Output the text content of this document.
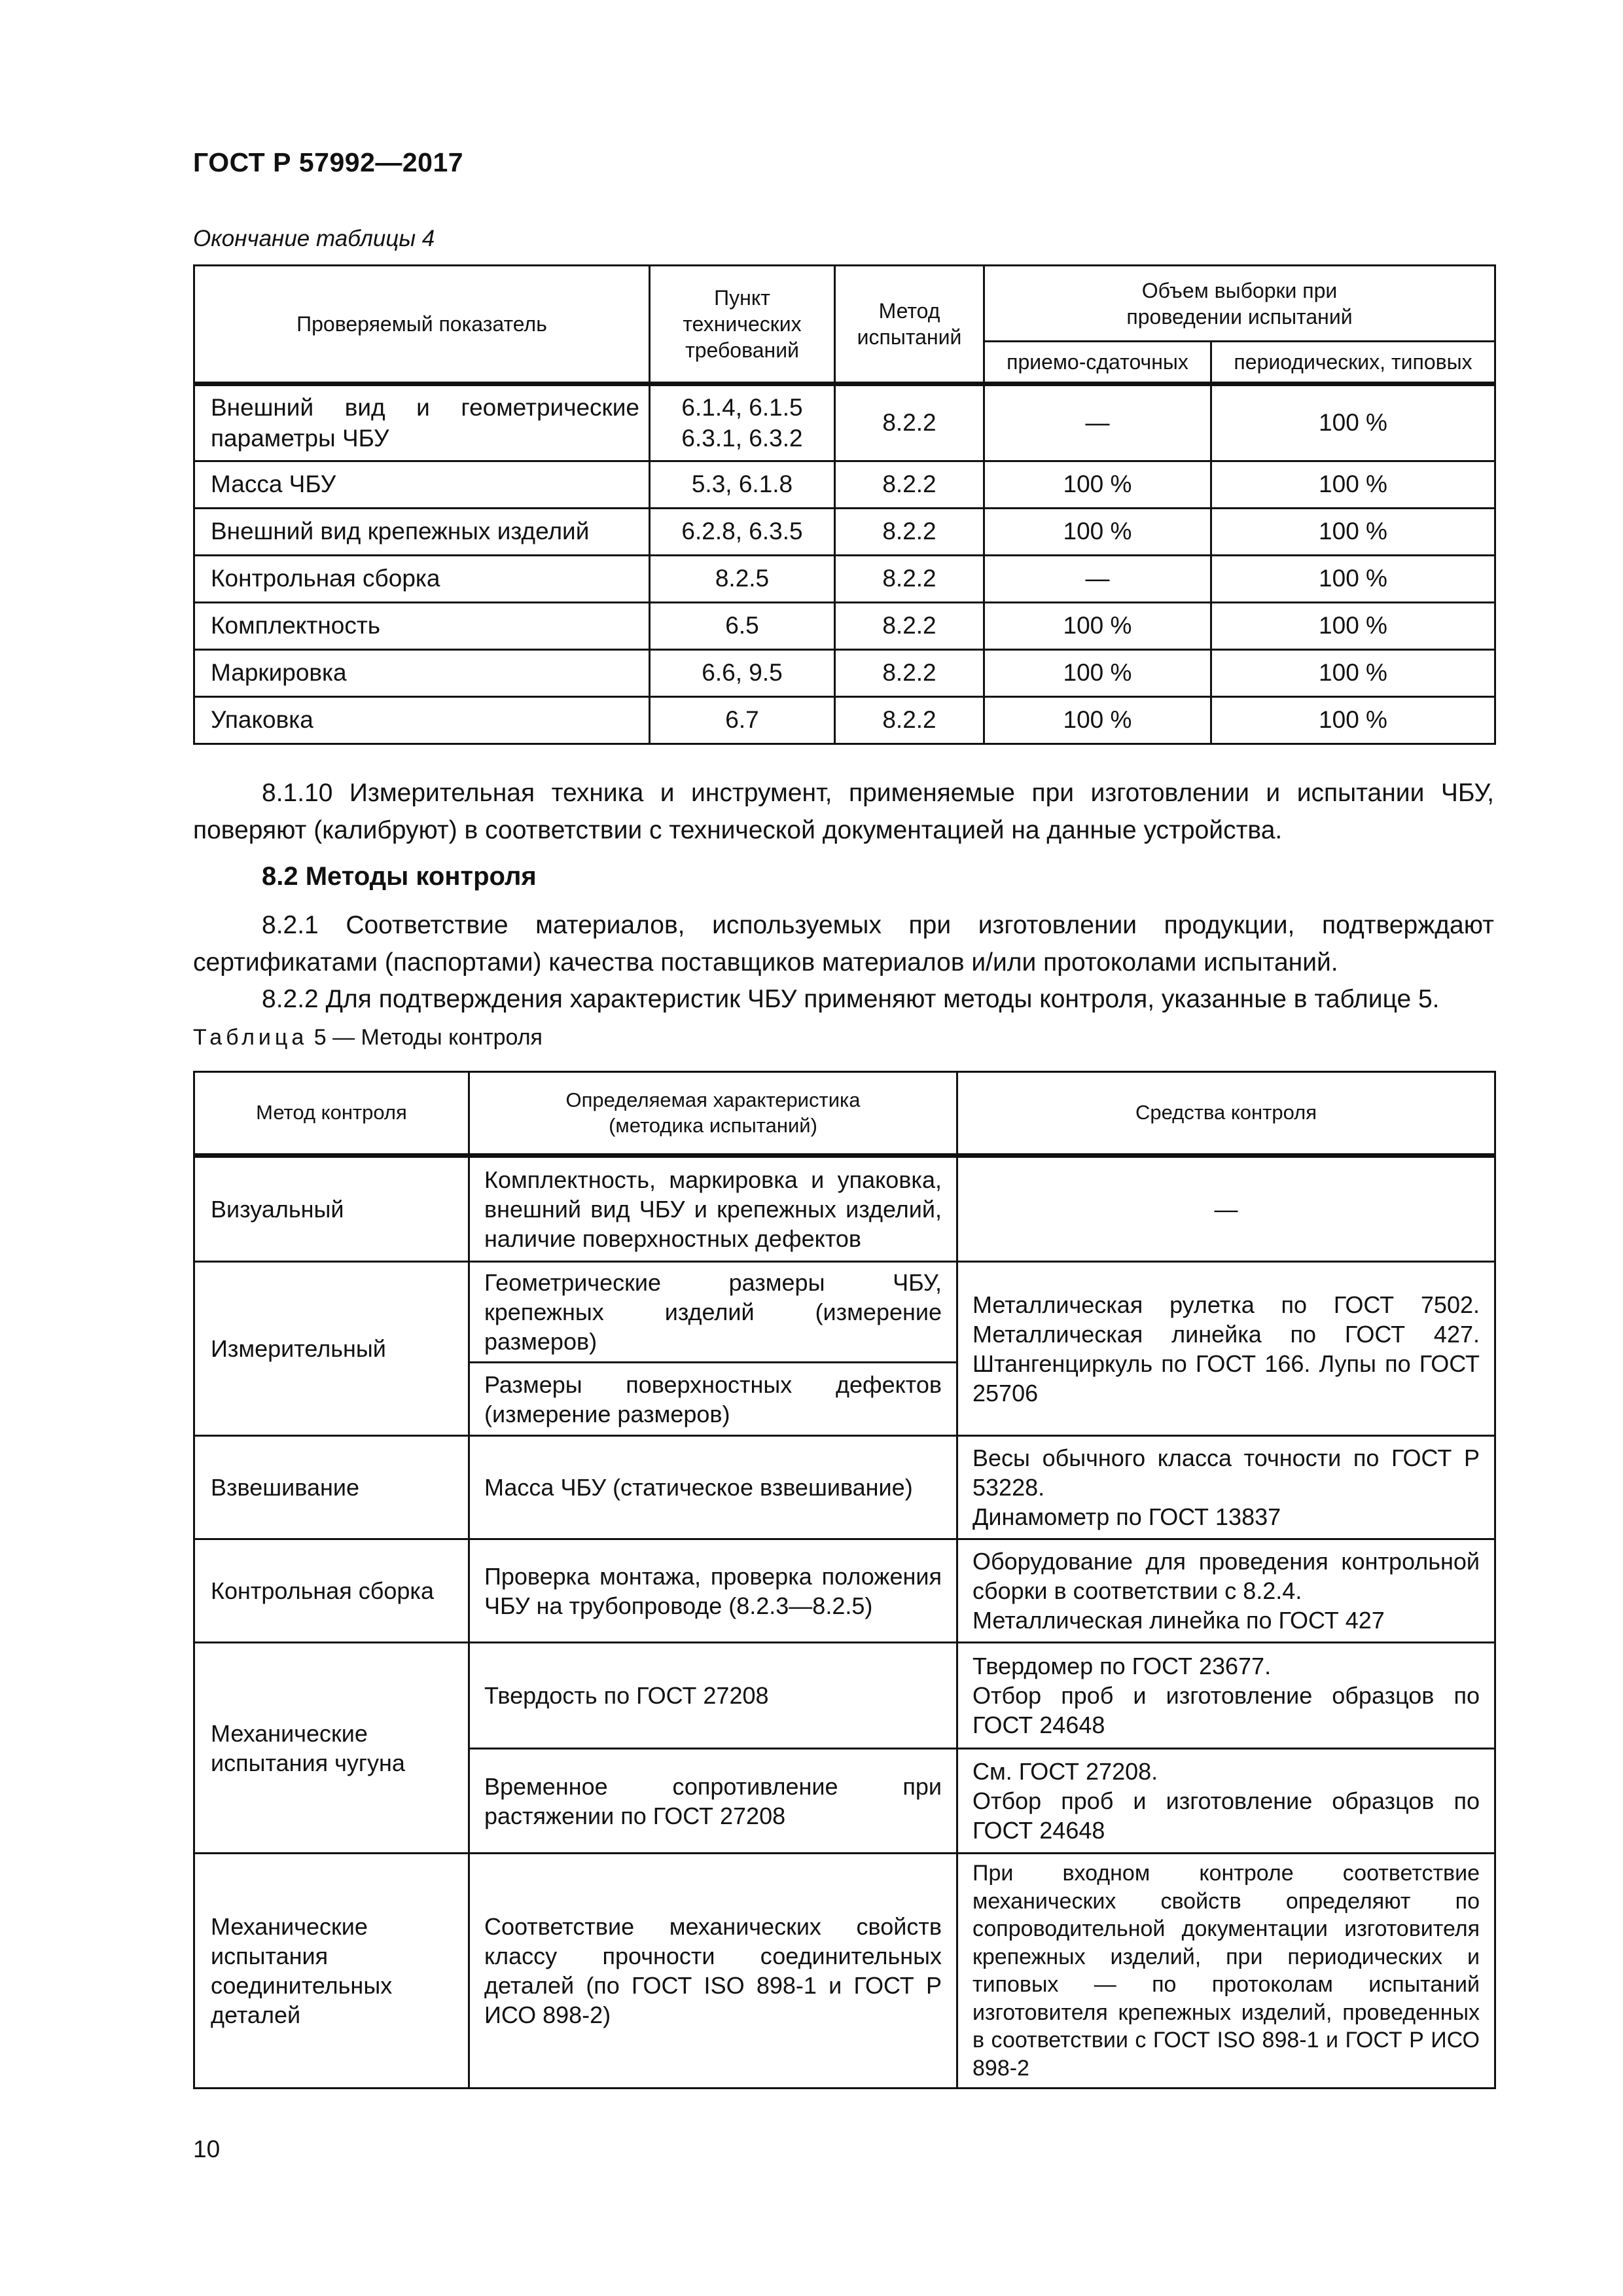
ГОСТ Р 57992—2017
Окончание таблицы 4
Проверяемый показатель	Пункт технических требований	Метод испытаний	Объем выборки при проведении испытаний	
			приемо-сдаточных	периодических, типовых
Внешний вид и геометрические параметры ЧБУ	6.1.4, 6.1.5 6.3.1, 6.3.2	8.2.2	—	100 %
Масса ЧБУ	5.3, 6.1.8	8.2.2	100 %	100 %
Внешний вид крепежных изделий	6.2.8, 6.3.5	8.2.2	100 %	100 %
Контрольная сборка	8.2.5	8.2.2	—	100 %
Комплектность	6.5	8.2.2	100 %	100 %
Маркировка	6.6, 9.5	8.2.2	100 %	100 %
Упаковка	6.7	8.2.2	100 %	100 %
8.1.10 Измерительная техника и инструмент, применяемые при изготовлении и испытании ЧБУ, поверяют (калибруют) в соответствии с технической документацией на данные устройства.
8.2 Методы контроля
8.2.1 Соответствие материалов, используемых при изготовлении продукции, подтверждают сертификатами (паспортами) качества поставщиков материалов и/или протоколами испытаний.
8.2.2 Для подтверждения характеристик ЧБУ применяют методы контроля, указанные в таблице 5.
Таблица 5 — Методы контроля
Метод контроля	Определяемая характеристика (методика испытаний)	Средства контроля
Визуальный	Комплектность, маркировка и упаковка, внешний вид ЧБУ и крепежных изделий, наличие поверхностных дефектов	—
Измерительный	Геометрические размеры ЧБУ, крепежных изделий (измерение размеров)	Металлическая рулетка по ГОСТ 7502. Металлическая линейка по ГОСТ 427. Штангенциркуль по ГОСТ 166. Лупы по ГОСТ 25706
	Размеры поверхностных дефектов (измерение размеров)	
Взвешивание	Масса ЧБУ (статическое взвешивание)	Весы обычного класса точности по ГОСТ Р 53228.
Динамометр по ГОСТ 13837

Контрольная сборка	Проверка монтажа, проверка положения ЧБУ на трубопроводе (8.2.3—8.2.5)	Оборудование для проведения контрольной сборки в соответствии с 8.2.4.
Металлическая линейка по ГОСТ 427

Механические испытания чугуна	Твердость по ГОСТ 27208	Твердомер по ГОСТ 23677.
Отбор проб и изготовление образцов по ГОСТ 24648

	Временное сопротивление при растяжении по ГОСТ 27208	См. ГОСТ 27208.
Отбор проб и изготовление образцов по ГОСТ 24648

Механические испытания соединительных деталей	Соответствие механических свойств классу прочности соединительных деталей (по ГОСТ ISO 898-1 и ГОСТ Р ИСО 898-2)	При входном контроле соответствие механических свойств определяют по сопроводительной документации изготовителя крепежных изделий, при периодических и типовых — по протоколам испытаний изготовителя крепежных изделий, проведенных в соответствии с ГОСТ ISO 898-1 и ГОСТ Р ИСО 898-2
10
